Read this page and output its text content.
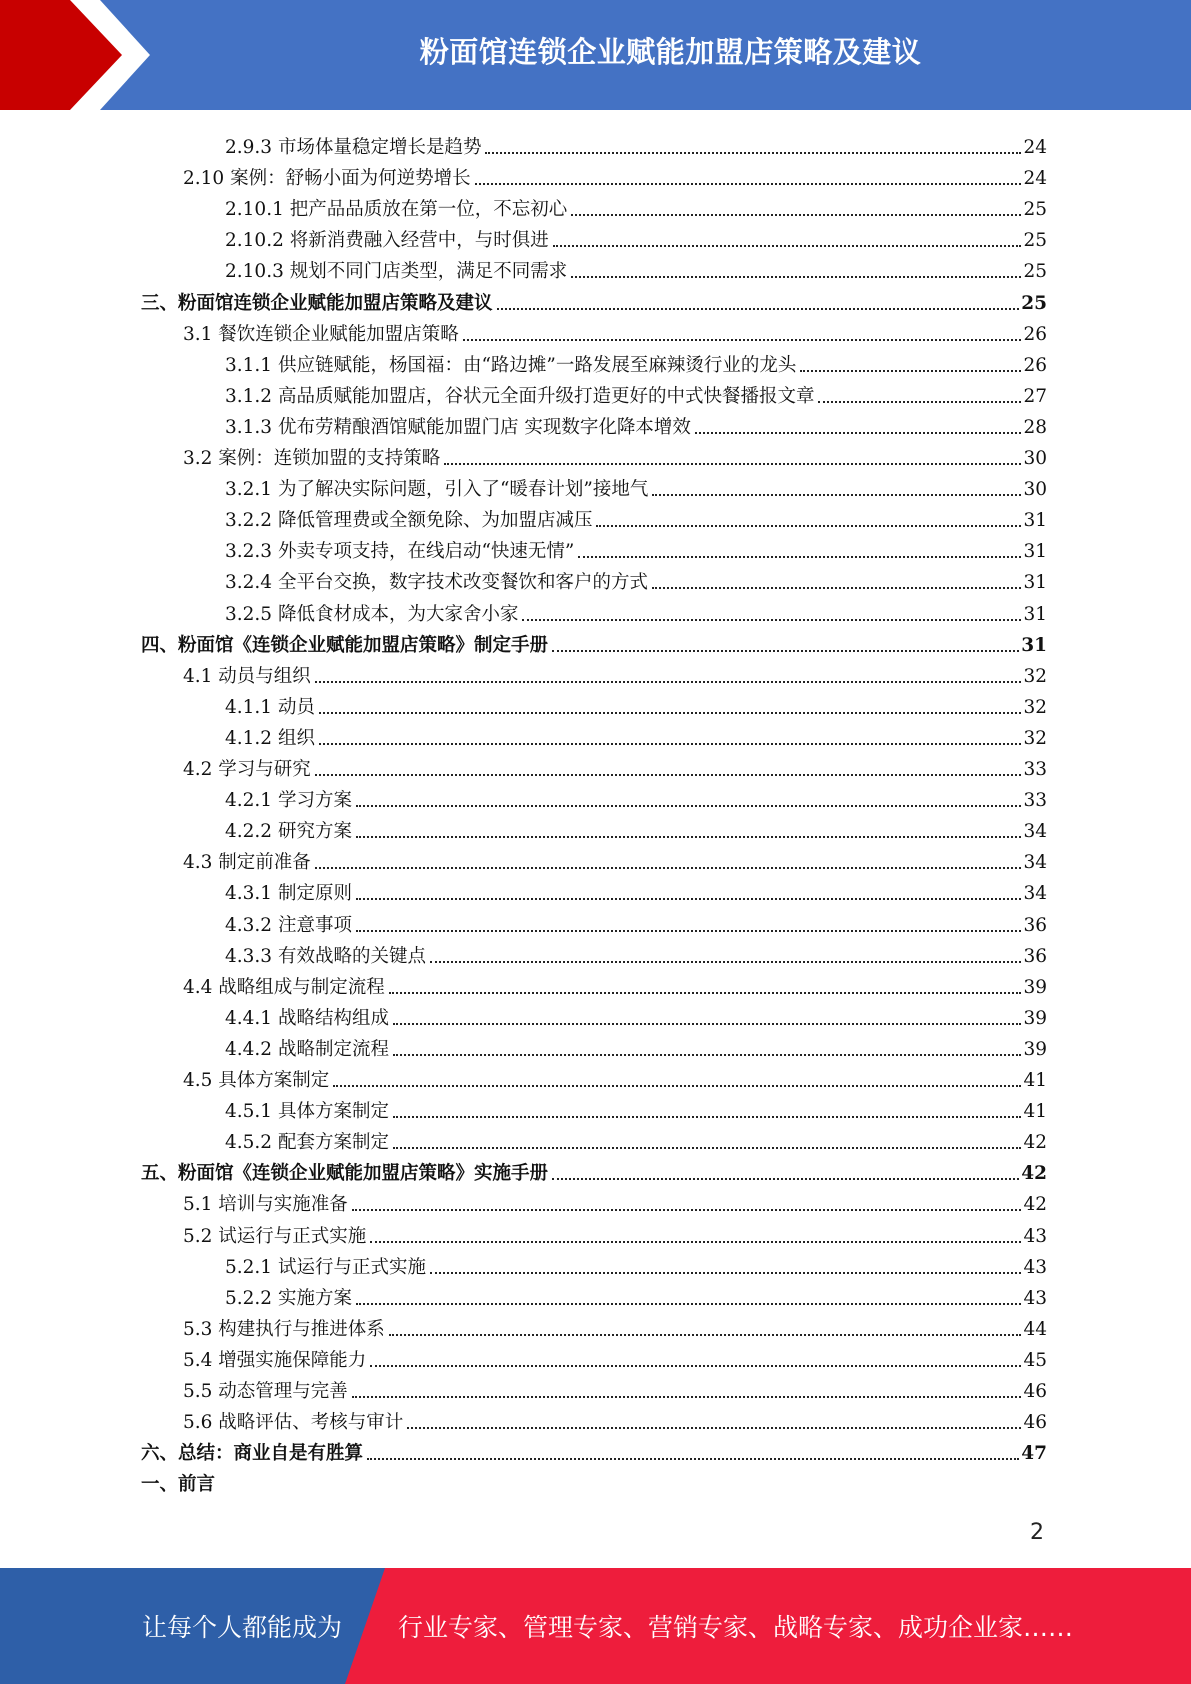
粉面馆连锁企业赋能加盟店策略及建议
2.9.3 市场体量稳定增长是趋势	24
2.10 案例：舒畅小面为何逆势增长	24
2.10.1 把产品品质放在第一位，不忘初心	25
2.10.2 将新消费融入经营中，与时俱进	25
2.10.3 规划不同门店类型，满足不同需求	25
三、粉面馆连锁企业赋能加盟店策略及建议	25
3.1 餐饮连锁企业赋能加盟店策略	26
3.1.1 供应链赋能，杨国福：由“路边摊”一路发展至麻辣烫行业的龙头	26
3.1.2 高品质赋能加盟店，谷状元全面升级打造更好的中式快餐播报文章	27
3.1.3 优布劳精酿酒馆赋能加盟门店 实现数字化降本增效	28
3.2 案例：连锁加盟的支持策略	30
3.2.1 为了解决实际问题，引入了“暖春计划”接地气	30
3.2.2 降低管理费或全额免除、为加盟店减压	31
3.2.3 外卖专项支持，在线启动“快速无情”	31
3.2.4 全平台交换，数字技术改变餐饮和客户的方式	31
3.2.5 降低食材成本，为大家舍小家	31
四、粉面馆《连锁企业赋能加盟店策略》制定手册	31
4.1 动员与组织	32
4.1.1 动员	32
4.1.2 组织	32
4.2 学习与研究	33
4.2.1 学习方案	33
4.2.2 研究方案	34
4.3 制定前准备	34
4.3.1 制定原则	34
4.3.2 注意事项	36
4.3.3 有效战略的关键点	36
4.4 战略组成与制定流程	39
4.4.1 战略结构组成	39
4.4.2 战略制定流程	39
4.5 具体方案制定	41
4.5.1 具体方案制定	41
4.5.2 配套方案制定	42
五、粉面馆《连锁企业赋能加盟店策略》实施手册	42
5.1 培训与实施准备	42
5.2 试运行与正式实施	43
5.2.1 试运行与正式实施	43
5.2.2 实施方案	43
5.3 构建执行与推进体系	44
5.4 增强实施保障能力	45
5.5 动态管理与完善	46
5.6 战略评估、考核与审计	46
六、总结：商业自是有胜算	47
一、前言
2
让每个人都能成为 行业专家、管理专家、营销专家、战略专家、成功企业家……
